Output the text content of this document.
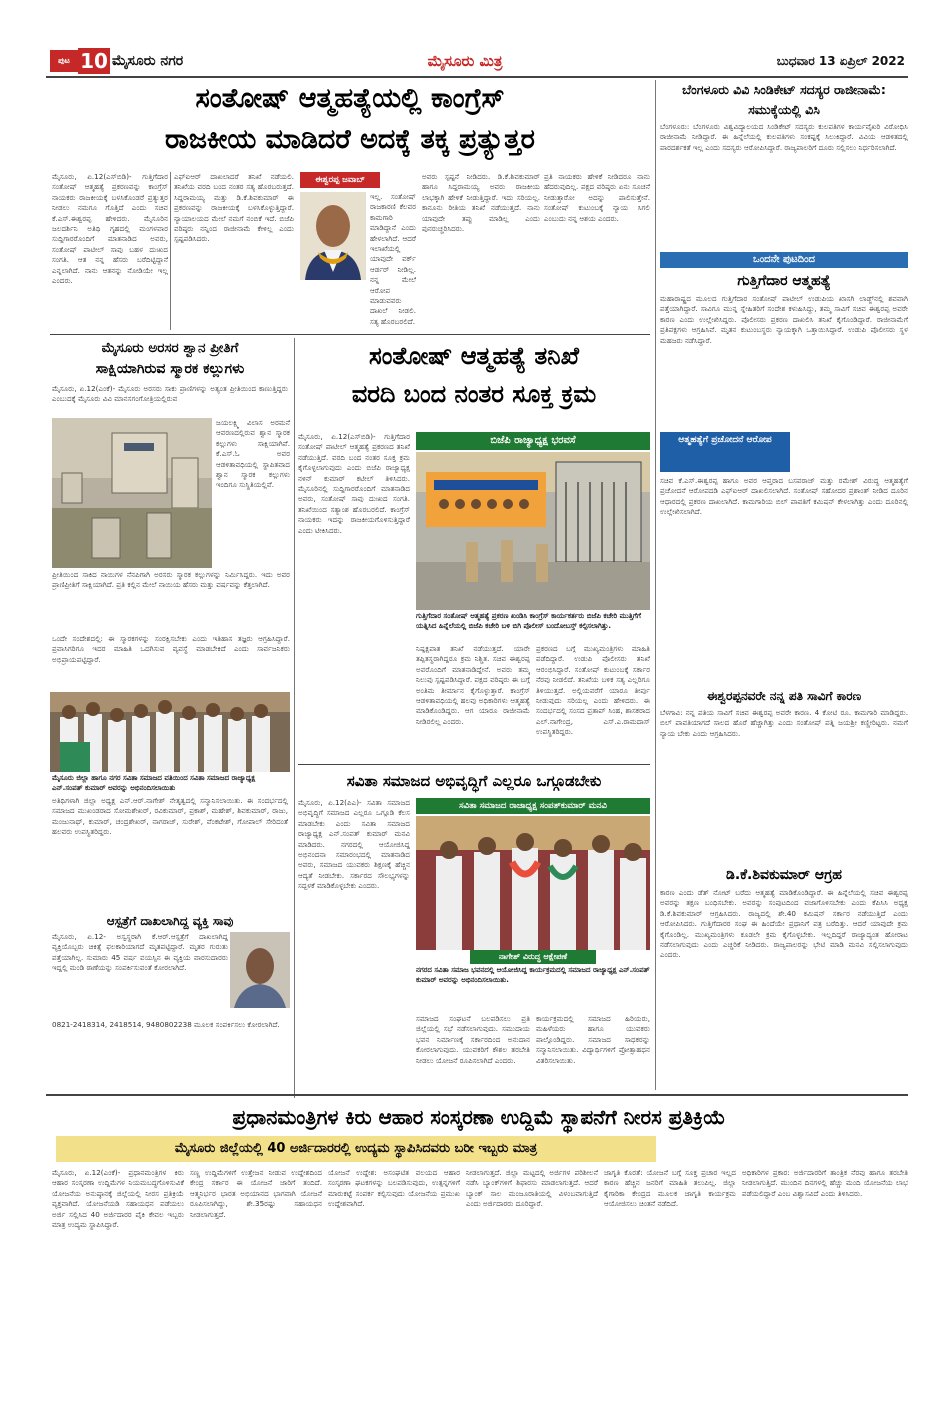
ಪುಟ 10 ಮೈಸೂರು ನಗರ	ಮೈಸೂರು ಮಿತ್ರ	ಬುಧವಾರ 13 ಏಪ್ರಿಲ್ 2022
ಸಂತೋಷ್ ಆತ್ಮಹತ್ಯೆಯಲ್ಲಿ ಕಾಂಗ್ರೆಸ್
ರಾಜಕೀಯ ಮಾಡಿದರೆ ಅದಕ್ಕೆ ತಕ್ಕ ಪ್ರತ್ಯುತ್ತರ
ಮೈಸೂರು, ಏ.12(ಎಸ್‌ಬಿಡಿ)- ಗುತ್ತಿಗೆದಾರ ಸಂತೋಷ್ ಆತ್ಮಹತ್ಯೆ ಪ್ರಕರಣವನ್ನು ಕಾಂಗ್ರೆಸ್ ನಾಯಕರು ರಾಜಕೀಯಕ್ಕೆ ಬಳಸಿಕೊಂಡರೆ ಪ್ರತ್ಯುತ್ತರ ನೀಡಲು ನಮಗೂ ಗೊತ್ತಿದೆ ಎಂದು ಸಚಿವ ಕೆ.ಎಸ್.ಈಶ್ವರಪ್ಪ ಹೇಳಿದರು. ಮೈಸೂರಿನ ಜಲದರ್ಶಿನಿ ಅತಿಥಿ ಗೃಹದಲ್ಲಿ ಮಂಗಳವಾರ ಸುದ್ದಿಗಾರರೊಂದಿಗೆ ಮಾತನಾಡಿದ ಅವರು, ಸಂತೋಷ್ ಪಾಟೀಲ್ ಸಾವು ಬಹಳ ದುಃಖದ ಸಂಗತಿ. ಆತ ನನ್ನ ಹೆಸರು ಬರೆದಿಟ್ಟಿದ್ದಾನೆ ಎನ್ನಲಾಗಿದೆ. ನಾನು ಆತನನ್ನು ನೋಡಿಯೇ ಇಲ್ಲ ಎಂದರು.
ಎಫ್‌ಐಆರ್ ದಾಖಲಾದರೆ ತನಿಖೆ ನಡೆಯಲಿ. ತನಿಖೆಯ ವರದಿ ಬಂದ ನಂತರ ಸತ್ಯ ಹೊರಬರುತ್ತದೆ. ಸಿದ್ದರಾಮಯ್ಯ ಮತ್ತು ಡಿ.ಕೆ.ಶಿವಕುಮಾರ್ ಈ ಪ್ರಕರಣವನ್ನು ರಾಜಕೀಯಕ್ಕೆ ಬಳಸಿಕೊಳ್ಳುತ್ತಿದ್ದಾರೆ. ನ್ಯಾಯಾಲಯದ ಮೇಲೆ ನಮಗೆ ನಂಬಿಕೆ ಇದೆ. ಬಿಜೆಪಿ ವರಿಷ್ಠರು ನನ್ನಿಂದ ರಾಜೀನಾಮೆ ಕೇಳಿಲ್ಲ ಎಂದು ಸ್ಪಷ್ಟಪಡಿಸಿದರು.
ಈಶ್ವರಪ್ಪ ಜವಾಬ್
ಇಲ್ಲ. ಸಂತೋಷ್ ರಾಜಕಾರಣಿ ಕೆಲವರ ಕಾಮಗಾರಿ ಮಾಡಿದ್ದಾನೆ ಎಂದು ಹೇಳಲಾಗಿದೆ. ಆದರೆ ಇಲಾಖೆಯಲ್ಲಿ ಯಾವುದೇ ವರ್ಕ್ ಆರ್ಡರ್ ನೀಡಿಲ್ಲ. ನನ್ನ ಮೇಲೆ ಆರೋಪ ಮಾಡುವವರು ದಾಖಲೆ ನೀಡಲಿ. ಸತ್ಯ ಹೊರಬರಲಿದೆ.
ಅವರು ಸ್ಪಷ್ಟನೆ ನೀಡಿದರು. ಡಿ.ಕೆ.ಶಿವಕುಮಾರ್ ಹಾಗೂ ಸಿದ್ದರಾಮಯ್ಯ ಅವರು ರಾಜಕೀಯ ಲಾಭಕ್ಕಾಗಿ ಹೇಳಿಕೆ ನೀಡುತ್ತಿದ್ದಾರೆ. ಇದು ಸರಿಯಲ್ಲ. ಕಾನೂನು ರೀತಿಯ ತನಿಖೆ ನಡೆಯುತ್ತದೆ. ನಾನು ಯಾವುದೇ ತಪ್ಪು ಮಾಡಿಲ್ಲ ಎಂದು ಪುನರುಚ್ಚರಿಸಿದರು.
ಪ್ರತಿ ನಾಯಕರು ಹೇಳಿಕೆ ನೀಡಿದರೂ ನಾನು ಹೆದರುವುದಿಲ್ಲ. ಪಕ್ಷದ ವರಿಷ್ಠರು ಏನು ಸೂಚನೆ ನೀಡುತ್ತಾರೋ ಅದನ್ನು ಪಾಲಿಸುತ್ತೇನೆ. ಸಂತೋಷ್ ಕುಟುಂಬಕ್ಕೆ ನ್ಯಾಯ ಸಿಗಲಿ ಎಂಬುದು ನನ್ನ ಆಶಯ ಎಂದರು.
ಬೆಂಗಳೂರು ವಿವಿ ಸಿಂಡಿಕೇಟ್ ಸದಸ್ಯರ ರಾಜೀನಾಮೆ: ಸಮುಕ್ಕೆಯಲ್ಲಿ ವಿಸಿ
ಬೆಂಗಳೂರು: ಬೆಂಗಳೂರು ವಿಶ್ವವಿದ್ಯಾಲಯದ ಸಿಂಡಿಕೇಟ್ ಸದಸ್ಯರು ಕುಲಪತಿಗಳ ಕಾರ್ಯವೈಖರಿ ವಿರೋಧಿಸಿ ರಾಜೀನಾಮೆ ನೀಡಿದ್ದಾರೆ. ಈ ಹಿನ್ನೆಲೆಯಲ್ಲಿ ಕುಲಪತಿಗಳು ಸಂಕಷ್ಟಕ್ಕೆ ಸಿಲುಕಿದ್ದಾರೆ. ವಿವಿಯ ಆಡಳಿತದಲ್ಲಿ ಪಾರದರ್ಶಕತೆ ಇಲ್ಲ ಎಂದು ಸದಸ್ಯರು ಆರೋಪಿಸಿದ್ದಾರೆ. ರಾಜ್ಯಪಾಲರಿಗೆ ದೂರು ಸಲ್ಲಿಸಲು ನಿರ್ಧರಿಸಲಾಗಿದೆ.
ಒಂದನೇ ಪುಟದಿಂದ
ಗುತ್ತಿಗೆದಾರ ಆತ್ಮಹತ್ಯೆ
ಮಹಾರಾಷ್ಟ್ರದ ಮೂಲದ ಗುತ್ತಿಗೆದಾರ ಸಂತೋಷ್ ಪಾಟೀಲ್ ಉಡುಪಿಯ ಖಾಸಗಿ ಲಾಡ್ಜ್‌ನಲ್ಲಿ ಶವವಾಗಿ ಪತ್ತೆಯಾಗಿದ್ದಾರೆ. ಸಾವಿಗೂ ಮುನ್ನ ಸ್ನೇಹಿತರಿಗೆ ಸಂದೇಶ ಕಳುಹಿಸಿದ್ದು, ತಮ್ಮ ಸಾವಿಗೆ ಸಚಿವ ಈಶ್ವರಪ್ಪ ಅವರೇ ಕಾರಣ ಎಂದು ಉಲ್ಲೇಖಿಸಿದ್ದರು. ಪೊಲೀಸರು ಪ್ರಕರಣ ದಾಖಲಿಸಿ ತನಿಖೆ ಕೈಗೊಂಡಿದ್ದಾರೆ. ರಾಜೀನಾಮೆಗೆ ಪ್ರತಿಪಕ್ಷಗಳು ಆಗ್ರಹಿಸಿವೆ. ಮೃತನ ಕುಟುಂಬಸ್ಥರು ನ್ಯಾಯಕ್ಕಾಗಿ ಒತ್ತಾಯಿಸಿದ್ದಾರೆ. ಉಡುಪಿ ಪೊಲೀಸರು ಸ್ಥಳ ಮಹಜರು ನಡೆಸಿದ್ದಾರೆ.
ಆತ್ಮಹತ್ಯೆಗೆ ಪ್ರಚೋದನೆ ಆರೋಪ
ಸಚಿವ ಕೆ.ಎಸ್.ಈಶ್ವರಪ್ಪ ಹಾಗೂ ಅವರ ಆಪ್ತರಾದ ಬಸವರಾಜ್ ಮತ್ತು ರಮೇಶ್ ವಿರುದ್ಧ ಆತ್ಮಹತ್ಯೆಗೆ ಪ್ರಚೋದನೆ ಆರೋಪದಡಿ ಎಫ್‌ಐಆರ್ ದಾಖಲಿಸಲಾಗಿದೆ. ಸಂತೋಷ್ ಸಹೋದರ ಪ್ರಶಾಂತ್ ನೀಡಿದ ದೂರಿನ ಆಧಾರದಲ್ಲಿ ಪ್ರಕರಣ ದಾಖಲಾಗಿದೆ. ಕಾಮಗಾರಿಯ ಬಿಲ್ ಪಾವತಿಗೆ ಕಮಿಷನ್ ಕೇಳಲಾಗಿತ್ತು ಎಂದು ದೂರಿನಲ್ಲಿ ಉಲ್ಲೇಖಿಸಲಾಗಿದೆ.
ಈಶ್ವರಪ್ಪನವರೇ ನನ್ನ ಪತಿ ಸಾವಿಗೆ ಕಾರಣ
ಬೆಳಗಾವಿ: ನನ್ನ ಪತಿಯ ಸಾವಿಗೆ ಸಚಿವ ಈಶ್ವರಪ್ಪ ಅವರೇ ಕಾರಣ. 4 ಕೋಟಿ ರೂ. ಕಾಮಗಾರಿ ಮಾಡಿದ್ದರು. ಬಿಲ್ ಪಾವತಿಯಾಗದೆ ಸಾಲದ ಹೊರೆ ಹೆಚ್ಚಾಗಿತ್ತು ಎಂದು ಸಂತೋಷ್ ಪತ್ನಿ ಜಯಶ್ರೀ ಕಣ್ಣೀರಿಟ್ಟರು. ನಮಗೆ ನ್ಯಾಯ ಬೇಕು ಎಂದು ಆಗ್ರಹಿಸಿದರು.
ಡಿ.ಕೆ.ಶಿವಕುಮಾರ್ ಆಗ್ರಹ
ಕಾರಣ ಎಂದು ಡೆತ್ ನೋಟ್ ಬರೆದು ಆತ್ಮಹತ್ಯೆ ಮಾಡಿಕೊಂಡಿದ್ದಾರೆ. ಈ ಹಿನ್ನೆಲೆಯಲ್ಲಿ ಸಚಿವ ಈಶ್ವರಪ್ಪ ಅವರನ್ನು ತಕ್ಷಣ ಬಂಧಿಸಬೇಕು. ಅವರನ್ನು ಸಂಪುಟದಿಂದ ವಜಾಗೊಳಿಸಬೇಕು ಎಂದು ಕೆಪಿಸಿಸಿ ಅಧ್ಯಕ್ಷ ಡಿ.ಕೆ.ಶಿವಕುಮಾರ್ ಆಗ್ರಹಿಸಿದರು. ರಾಜ್ಯದಲ್ಲಿ ಶೇ.40 ಕಮಿಷನ್ ಸರ್ಕಾರ ನಡೆಯುತ್ತಿದೆ ಎಂದು ಆರೋಪಿಸಿದರು. ಗುತ್ತಿಗೆದಾರರ ಸಂಘ ಈ ಹಿಂದೆಯೇ ಪ್ರಧಾನಿಗೆ ಪತ್ರ ಬರೆದಿತ್ತು. ಆದರೆ ಯಾವುದೇ ಕ್ರಮ ಕೈಗೊಂಡಿಲ್ಲ. ಮುಖ್ಯಮಂತ್ರಿಗಳು ಕೂಡಲೇ ಕ್ರಮ ಕೈಗೊಳ್ಳಬೇಕು. ಇಲ್ಲದಿದ್ದರೆ ರಾಜ್ಯಾದ್ಯಂತ ಹೋರಾಟ ನಡೆಸಲಾಗುವುದು ಎಂದು ಎಚ್ಚರಿಕೆ ನೀಡಿದರು. ರಾಜ್ಯಪಾಲರನ್ನು ಭೇಟಿ ಮಾಡಿ ಮನವಿ ಸಲ್ಲಿಸಲಾಗುವುದು ಎಂದರು.
ಮೈಸೂರು ಅರಸರ ಶ್ವಾನ ಪ್ರೀತಿಗೆ
ಸಾಕ್ಷಿಯಾಗಿರುವ ಸ್ಮಾರಕ ಕಲ್ಲುಗಳು
ಮೈಸೂರು, ಏ.12(ಎಂಕೆ)- ಮೈಸೂರು ಅರಸರು ಸಾಕು ಪ್ರಾಣಿಗಳನ್ನು ಅತ್ಯಂತ ಪ್ರೀತಿಯಿಂದ ಕಾಣುತ್ತಿದ್ದರು ಎಂಬುದಕ್ಕೆ ಮೈಸೂರು ವಿವಿ ಮಾನಸಗಂಗೋತ್ರಿಯಲ್ಲಿರುವ
ಜಯಲಕ್ಷ್ಮಿ ವಿಲಾಸ ಅರಮನೆ ಆವರಣದಲ್ಲಿರುವ ಶ್ವಾನ ಸ್ಮಾರಕ ಕಲ್ಲುಗಳು ಸಾಕ್ಷಿಯಾಗಿವೆ. ಕೆ.ಎಸ್.ಓ ಅವರ ಆಡಳಿತಾವಧಿಯಲ್ಲಿ ಸ್ಥಾಪಿತವಾದ ಶ್ವಾನ ಸ್ಮಾರಕ ಕಲ್ಲುಗಳು ಇಂದಿಗೂ ಸುಸ್ಥಿತಿಯಲ್ಲಿವೆ.
ಪ್ರೀತಿಯಿಂದ ಸಾಕಿದ ನಾಯಿಗಳ ನೆನಪಿಗಾಗಿ ಅರಸರು ಸ್ಮಾರಕ ಕಲ್ಲುಗಳನ್ನು ನಿರ್ಮಿಸಿದ್ದರು. ಇದು ಅವರ ಪ್ರಾಣಿಪ್ರೀತಿಗೆ ಸಾಕ್ಷಿಯಾಗಿದೆ. ಪ್ರತಿ ಕಲ್ಲಿನ ಮೇಲೆ ನಾಯಿಯ ಹೆಸರು ಮತ್ತು ವರ್ಷವನ್ನು ಕೆತ್ತಲಾಗಿದೆ.
ಒಂದೇ ಸಂದೇಶದಲ್ಲಿ: ಈ ಸ್ಮಾರಕಗಳನ್ನು ಸಂರಕ್ಷಿಸಬೇಕು ಎಂದು ಇತಿಹಾಸ ತಜ್ಞರು ಆಗ್ರಹಿಸಿದ್ದಾರೆ. ಪ್ರವಾಸಿಗರಿಗೂ ಇದರ ಮಾಹಿತಿ ಒದಗಿಸುವ ವ್ಯವಸ್ಥೆ ಮಾಡಬೇಕಿದೆ ಎಂದು ಸಾರ್ವಜನಿಕರು ಅಭಿಪ್ರಾಯಪಟ್ಟಿದ್ದಾರೆ.
ಮೈಸೂರು ಜಿಲ್ಲಾ ಹಾಗೂ ನಗರ ಸವಿತಾ ಸಮಾಜದ ವತಿಯಿಂದ ಸವಿತಾ ಸಮಾಜದ ರಾಜ್ಯಾಧ್ಯಕ್ಷ ಎನ್.ಸಂಪತ್ ಕುಮಾರ್ ಅವರನ್ನು ಅಭಿನಂದಿಸಲಾಯಿತು
ಅತಿಥಿಗಳಾಗಿ ಜಿಲ್ಲಾ ಅಧ್ಯಕ್ಷ ಎನ್.ಆರ್.ನಾಗೇಶ್ ನೇತೃತ್ವದಲ್ಲಿ ಸನ್ಮಾನಿಸಲಾಯಿತು. ಈ ಸಂದರ್ಭದಲ್ಲಿ ಸಮಾಜದ ಮುಖಂಡರಾದ ಸೋಮಶೇಖರ್, ರವಿಕುಮಾರ್, ಪ್ರಕಾಶ್, ಮಹೇಶ್, ಶಿವಕುಮಾರ್, ರಾಜು, ಮಂಜುನಾಥ್, ಕುಮಾರ್, ಚಂದ್ರಶೇಖರ್, ನಾಗರಾಜ್, ಸುರೇಶ್, ವೆಂಕಟೇಶ್, ಗೋಪಾಲ್ ಸೇರಿದಂತೆ ಹಲವರು ಉಪಸ್ಥಿತರಿದ್ದರು.
ಆಸ್ಪತ್ರೆಗೆ ದಾಖಲಾಗಿದ್ದ ವ್ಯಕ್ತಿ ಸಾವು
ಮೈಸೂರು, ಏ.12- ಅಸ್ವಸ್ಥರಾಗಿ ಕೆ.ಆರ್.ಆಸ್ಪತ್ರೆಗೆ ದಾಖಲಾಗಿದ್ದ ವ್ಯಕ್ತಿಯೊಬ್ಬರು ಚಿಕಿತ್ಸೆ ಫಲಕಾರಿಯಾಗದೆ ಮೃತಪಟ್ಟಿದ್ದಾರೆ. ಮೃತರ ಗುರುತು ಪತ್ತೆಯಾಗಿಲ್ಲ. ಸುಮಾರು 45 ವರ್ಷ ವಯಸ್ಸಿನ ಈ ವ್ಯಕ್ತಿಯ ವಾರಸುದಾರರು ಇದ್ದಲ್ಲಿ ಮಂಡಿ ಠಾಣೆಯನ್ನು ಸಂಪರ್ಕಿಸುವಂತೆ ಕೋರಲಾಗಿದೆ.
0821-2418314, 2418514, 9480802238 ಮೂಲಕ ಸಂಪರ್ಕಿಸಲು ಕೋರಲಾಗಿದೆ.
ಸಂತೋಷ್ ಆತ್ಮಹತ್ಯೆ ತನಿಖೆ
ವರದಿ ಬಂದ ನಂತರ ಸೂಕ್ತ ಕ್ರಮ
ಮೈಸೂರು, ಏ.12(ಎಸ್‌ಬಿಡಿ)- ಗುತ್ತಿಗೆದಾರ ಸಂತೋಷ್ ಪಾಟೀಲ್ ಆತ್ಮಹತ್ಯೆ ಪ್ರಕರಣದ ತನಿಖೆ ನಡೆಯುತ್ತಿದೆ. ವರದಿ ಬಂದ ನಂತರ ಸೂಕ್ತ ಕ್ರಮ ಕೈಗೊಳ್ಳಲಾಗುವುದು ಎಂದು ಬಿಜೆಪಿ ರಾಜ್ಯಾಧ್ಯಕ್ಷ ನಳಿನ್ ಕುಮಾರ್ ಕಟೀಲ್ ತಿಳಿಸಿದರು. ಮೈಸೂರಿನಲ್ಲಿ ಸುದ್ದಿಗಾರರೊಂದಿಗೆ ಮಾತನಾಡಿದ ಅವರು, ಸಂತೋಷ್ ಸಾವು ದುಃಖದ ಸಂಗತಿ. ತನಿಖೆಯಿಂದ ಸತ್ಯಾಂಶ ಹೊರಬರಲಿದೆ. ಕಾಂಗ್ರೆಸ್ ನಾಯಕರು ಇದನ್ನು ರಾಜಕೀಯಗೊಳಿಸುತ್ತಿದ್ದಾರೆ ಎಂದು ಟೀಕಿಸಿದರು.
ಬಿಜೆಪಿ ರಾಜ್ಯಾಧ್ಯಕ್ಷ ಭರವಸೆ
ಗುತ್ತಿಗೆದಾರ ಸಂತೋಷ್ ಆತ್ಮಹತ್ಯೆ ಪ್ರಕರಣ ಖಂಡಿಸಿ ಕಾಂಗ್ರೆಸ್ ಕಾರ್ಯಕರ್ತರು ಬಿಜೆಪಿ ಕಚೇರಿ ಮುತ್ತಿಗೆಗೆ ಯತ್ನಿಸಿದ ಹಿನ್ನೆಲೆಯಲ್ಲಿ ಬಿಜೆಪಿ ಕಚೇರಿ ಬಳಿ ಬಿಗಿ ಪೊಲೀಸ್ ಬಂದೋಬಸ್ತ್ ಕಲ್ಪಿಸಲಾಗಿತ್ತು.
ನಿಷ್ಪಕ್ಷಪಾತ ತನಿಖೆ ನಡೆಯುತ್ತದೆ. ಯಾರೇ ತಪ್ಪಿತಸ್ಥರಾಗಿದ್ದರೂ ಕ್ರಮ ನಿಶ್ಚಿತ. ಸಚಿವ ಈಶ್ವರಪ್ಪ ಅವರೊಂದಿಗೆ ಮಾತನಾಡಿದ್ದೇನೆ. ಅವರು ತಮ್ಮ ನಿಲುವು ಸ್ಪಷ್ಟಪಡಿಸಿದ್ದಾರೆ. ಪಕ್ಷದ ವರಿಷ್ಠರು ಈ ಬಗ್ಗೆ ಅಂತಿಮ ತೀರ್ಮಾನ ಕೈಗೊಳ್ಳುತ್ತಾರೆ. ಕಾಂಗ್ರೆಸ್ ಆಡಳಿತಾವಧಿಯಲ್ಲಿ ಹಲವು ಅಧಿಕಾರಿಗಳು ಆತ್ಮಹತ್ಯೆ ಮಾಡಿಕೊಂಡಿದ್ದರು. ಆಗ ಯಾರೂ ರಾಜೀನಾಮೆ ನೀಡಿರಲಿಲ್ಲ ಎಂದರು.
ಪ್ರಕರಣದ ಬಗ್ಗೆ ಮುಖ್ಯಮಂತ್ರಿಗಳು ಮಾಹಿತಿ ಪಡೆದಿದ್ದಾರೆ. ಉಡುಪಿ ಪೊಲೀಸರು ತನಿಖೆ ಆರಂಭಿಸಿದ್ದಾರೆ. ಸಂತೋಷ್ ಕುಟುಂಬಕ್ಕೆ ಸರ್ಕಾರ ನೆರವು ನೀಡಲಿದೆ. ತನಿಖೆಯ ಬಳಿಕ ಸತ್ಯ ಎಲ್ಲರಿಗೂ ತಿಳಿಯುತ್ತದೆ. ಅಲ್ಲಿಯವರೆಗೆ ಯಾರೂ ತೀರ್ಪು ನೀಡುವುದು ಸರಿಯಲ್ಲ ಎಂದು ಹೇಳಿದರು. ಈ ಸಂದರ್ಭದಲ್ಲಿ ಸಂಸದ ಪ್ರತಾಪ್ ಸಿಂಹ, ಶಾಸಕರಾದ ಎಲ್.ನಾಗೇಂದ್ರ, ಎಸ್.ಎ.ರಾಮದಾಸ್ ಉಪಸ್ಥಿತರಿದ್ದರು.
ಸವಿತಾ ಸಮಾಜದ ಅಭಿವೃದ್ಧಿಗೆ ಎಲ್ಲರೂ ಒಗ್ಗೂಡಬೇಕು
ಮೈಸೂರು, ಏ.12(ಪಿಎ)- ಸವಿತಾ ಸಮಾಜದ ಅಭಿವೃದ್ಧಿಗೆ ಸಮಾಜದ ಎಲ್ಲರೂ ಒಗ್ಗೂಡಿ ಕೆಲಸ ಮಾಡಬೇಕು ಎಂದು ಸವಿತಾ ಸಮಾಜದ ರಾಜ್ಯಾಧ್ಯಕ್ಷ ಎನ್.ಸಂಪತ್ ಕುಮಾರ್ ಮನವಿ ಮಾಡಿದರು. ನಗರದಲ್ಲಿ ಆಯೋಜಿಸಿದ್ದ ಅಭಿನಂದನಾ ಸಮಾರಂಭದಲ್ಲಿ ಮಾತನಾಡಿದ ಅವರು, ಸಮಾಜದ ಯುವಕರು ಶಿಕ್ಷಣಕ್ಕೆ ಹೆಚ್ಚಿನ ಆದ್ಯತೆ ನೀಡಬೇಕು. ಸರ್ಕಾರದ ಸೌಲಭ್ಯಗಳನ್ನು ಸದ್ಬಳಕೆ ಮಾಡಿಕೊಳ್ಳಬೇಕು ಎಂದರು.
ಸವಿತಾ ಸಮಾಜದ ರಾಜಾಧ್ಯಕ್ಷ ಸಂಪತ್‌ಕುಮಾರ್ ಮನವಿ
ನಾಗೇಶ್ ವಿರುದ್ಧ ಆಕ್ಷೇಪಣೆ
ನಗರದ ಸವಿತಾ ಸಮಾಜ ಭವನದಲ್ಲಿ ಆಯೋಜಿಸಿದ್ದ ಕಾರ್ಯಕ್ರಮದಲ್ಲಿ ಸಮಾಜದ ರಾಜ್ಯಾಧ್ಯಕ್ಷ ಎನ್.ಸಂಪತ್ ಕುಮಾರ್ ಅವರನ್ನು ಅಭಿನಂದಿಸಲಾಯಿತು.
ಸಮಾಜದ ಸಂಘಟನೆ ಬಲಪಡಿಸಲು ಪ್ರತಿ ಜಿಲ್ಲೆಯಲ್ಲಿ ಸಭೆ ನಡೆಸಲಾಗುವುದು. ಸಮುದಾಯ ಭವನ ನಿರ್ಮಾಣಕ್ಕೆ ಸರ್ಕಾರದಿಂದ ಅನುದಾನ ಕೋರಲಾಗುವುದು. ಯುವಕರಿಗೆ ಕೌಶಲ ತರಬೇತಿ ನೀಡಲು ಯೋಜನೆ ರೂಪಿಸಲಾಗಿದೆ ಎಂದರು.
ಕಾರ್ಯಕ್ರಮದಲ್ಲಿ ಸಮಾಜದ ಹಿರಿಯರು, ಮಹಿಳೆಯರು ಹಾಗೂ ಯುವಕರು ಪಾಲ್ಗೊಂಡಿದ್ದರು. ಸಮಾಜದ ಸಾಧಕರನ್ನು ಸನ್ಮಾನಿಸಲಾಯಿತು. ವಿದ್ಯಾರ್ಥಿಗಳಿಗೆ ಪ್ರೋತ್ಸಾಹಧನ ವಿತರಿಸಲಾಯಿತು.
ಪ್ರಧಾನಮಂತ್ರಿಗಳ ಕಿರು ಆಹಾರ ಸಂಸ್ಕರಣಾ ಉದ್ದಿಮೆ ಸ್ಥಾಪನೆಗೆ ನೀರಸ ಪ್ರತಿಕ್ರಿಯೆ
ಮೈಸೂರು ಜಿಲ್ಲೆಯಲ್ಲಿ 40 ಅರ್ಜಿದಾರರಲ್ಲಿ ಉದ್ಯಮ ಸ್ಥಾಪಿಸಿದವರು ಬರೀ ಇಬ್ಬರು ಮಾತ್ರ
ಮೈಸೂರು, ಏ.12(ಎಂಕೆ)- ಪ್ರಧಾನಮಂತ್ರಿಗಳ ಕಿರು ಆಹಾರ ಸಂಸ್ಕರಣಾ ಉದ್ದಿಮೆಗಳ ನಿಯಮಬದ್ಧಗೊಳಿಸುವಿಕೆ ಯೋಜನೆಯ ಅನುಷ್ಠಾನಕ್ಕೆ ಜಿಲ್ಲೆಯಲ್ಲಿ ನೀರಸ ಪ್ರತಿಕ್ರಿಯೆ ವ್ಯಕ್ತವಾಗಿದೆ. ಯೋಜನೆಯಡಿ ಸಹಾಯಧನ ಪಡೆಯಲು ಅರ್ಜಿ ಸಲ್ಲಿಸಿದ 40 ಅರ್ಜಿದಾರರ ಪೈಕಿ ಕೇವಲ ಇಬ್ಬರು ಮಾತ್ರ ಉದ್ಯಮ ಸ್ಥಾಪಿಸಿದ್ದಾರೆ.
ಸಣ್ಣ ಉದ್ದಿಮೆಗಳಿಗೆ ಉತ್ತೇಜನ ನೀಡುವ ಉದ್ದೇಶದಿಂದ ಕೇಂದ್ರ ಸರ್ಕಾರ ಈ ಯೋಜನೆ ಜಾರಿಗೆ ತಂದಿದೆ. ಆತ್ಮನಿರ್ಭರ ಭಾರತ ಅಭಿಯಾನದ ಭಾಗವಾಗಿ ಯೋಜನೆ ರೂಪಿಸಲಾಗಿದ್ದು, ಶೇ.35ರಷ್ಟು ಸಹಾಯಧನ ನೀಡಲಾಗುತ್ತದೆ.
ಯೋಜನೆ ಉದ್ದೇಶ: ಅಸಂಘಟಿತ ವಲಯದ ಆಹಾರ ಸಂಸ್ಕರಣಾ ಘಟಕಗಳನ್ನು ಬಲಪಡಿಸುವುದು, ಉತ್ಪನ್ನಗಳಿಗೆ ಮಾರುಕಟ್ಟೆ ಸಂಪರ್ಕ ಕಲ್ಪಿಸುವುದು ಯೋಜನೆಯ ಪ್ರಮುಖ ಉದ್ದೇಶವಾಗಿದೆ.
ನೀಡಲಾಗುತ್ತದೆ. ಜಿಲ್ಲಾ ಮಟ್ಟದಲ್ಲಿ ಅರ್ಜಿಗಳ ಪರಿಶೀಲನೆ ನಡೆಸಿ ಬ್ಯಾಂಕ್‌ಗಳಿಗೆ ಶಿಫಾರಸು ಮಾಡಲಾಗುತ್ತದೆ. ಆದರೆ ಬ್ಯಾಂಕ್ ಸಾಲ ಮಂಜೂರಾತಿಯಲ್ಲಿ ವಿಳಂಬವಾಗುತ್ತಿದೆ ಎಂದು ಅರ್ಜಿದಾರರು ದೂರಿದ್ದಾರೆ.
ಜಾಗೃತಿ ಕೊರತೆ: ಯೋಜನೆ ಬಗ್ಗೆ ಸೂಕ್ತ ಪ್ರಚಾರ ಇಲ್ಲದ ಕಾರಣ ಹೆಚ್ಚಿನ ಜನರಿಗೆ ಮಾಹಿತಿ ತಲುಪಿಲ್ಲ. ಜಿಲ್ಲಾ ಕೈಗಾರಿಕಾ ಕೇಂದ್ರದ ಮೂಲಕ ಜಾಗೃತಿ ಕಾರ್ಯಕ್ರಮ ಆಯೋಜಿಸಲು ಚಿಂತನೆ ನಡೆದಿದೆ.
ಅಧಿಕಾರಿಗಳ ಪ್ರಕಾರ: ಅರ್ಜಿದಾರರಿಗೆ ತಾಂತ್ರಿಕ ನೆರವು ಹಾಗೂ ತರಬೇತಿ ನೀಡಲಾಗುತ್ತಿದೆ. ಮುಂದಿನ ದಿನಗಳಲ್ಲಿ ಹೆಚ್ಚು ಮಂದಿ ಯೋಜನೆಯ ಲಾಭ ಪಡೆಯಲಿದ್ದಾರೆ ಎಂಬ ವಿಶ್ವಾಸವಿದೆ ಎಂದು ತಿಳಿಸಿದರು.
